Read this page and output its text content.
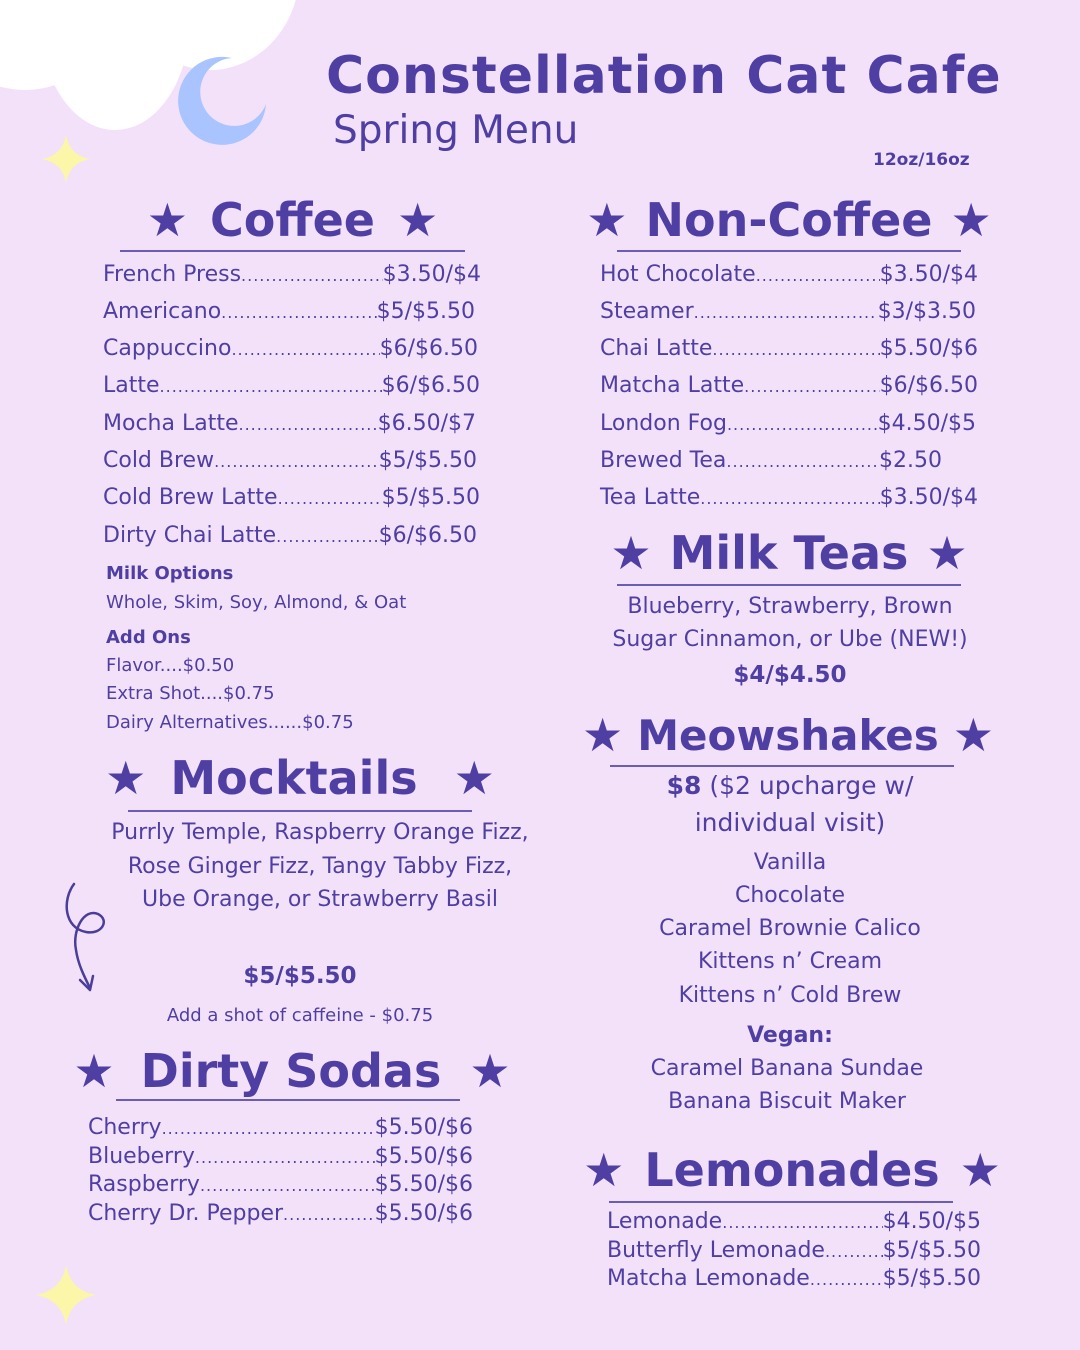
Constellation Cat Cafe
Spring Menu
12oz/16oz
★ Coffee ★
French Press .....	$3.50/$4
Americano .....	$5/$5.50
Cappuccino .....	$6/$6.50
Latte .....	$6/$6.50
Mocha Latte .....	$6.50/$7
Cold Brew .....	$5/$5.50
Cold Brew Latte .....	$5/$5.50
Dirty Chai Latte .....	$6/$6.50
Milk Options
Whole, Skim, Soy, Almond, & Oat
Add Ons
Flavor....$0.50
Extra Shot....$0.75
Dairy Alternatives......$0.75
★ Mocktails ★
Purrly Temple, Raspberry Orange Fizz,
Rose Ginger Fizz, Tangy Tabby Fizz,
Ube Orange, or Strawberry Basil
$5/$5.50
Add a shot of caffeine - $0.75
★ Dirty Sodas ★
Cherry .....	$5.50/$6
Blueberry .....	$5.50/$6
Raspberry .....	$5.50/$6
Cherry Dr. Pepper .....	$5.50/$6
★ Non-Coffee ★
Hot Chocolate .....	$3.50/$4
Steamer .....	$3/$3.50
Chai Latte .....	$5.50/$6
Matcha Latte .....	$6/$6.50
London Fog .....	$4.50/$5
Brewed Tea .....	$2.50
Tea Latte .....	$3.50/$4
★ Milk Teas ★
Blueberry, Strawberry, Brown
Sugar Cinnamon, or Ube (NEW!)
$4/$4.50
★ Meowshakes ★
$8 ($2 upcharge w/
individual visit)
Vanilla
Chocolate
Caramel Brownie Calico
Kittens n’ Cream
Kittens n’ Cold Brew
Vegan:
Caramel Banana Sundae
Banana Biscuit Maker
★ Lemonades ★
Lemonade .....	$4.50/$5
Butterfly Lemonade .....	$5/$5.50
Matcha Lemonade .....	$5/$5.50
